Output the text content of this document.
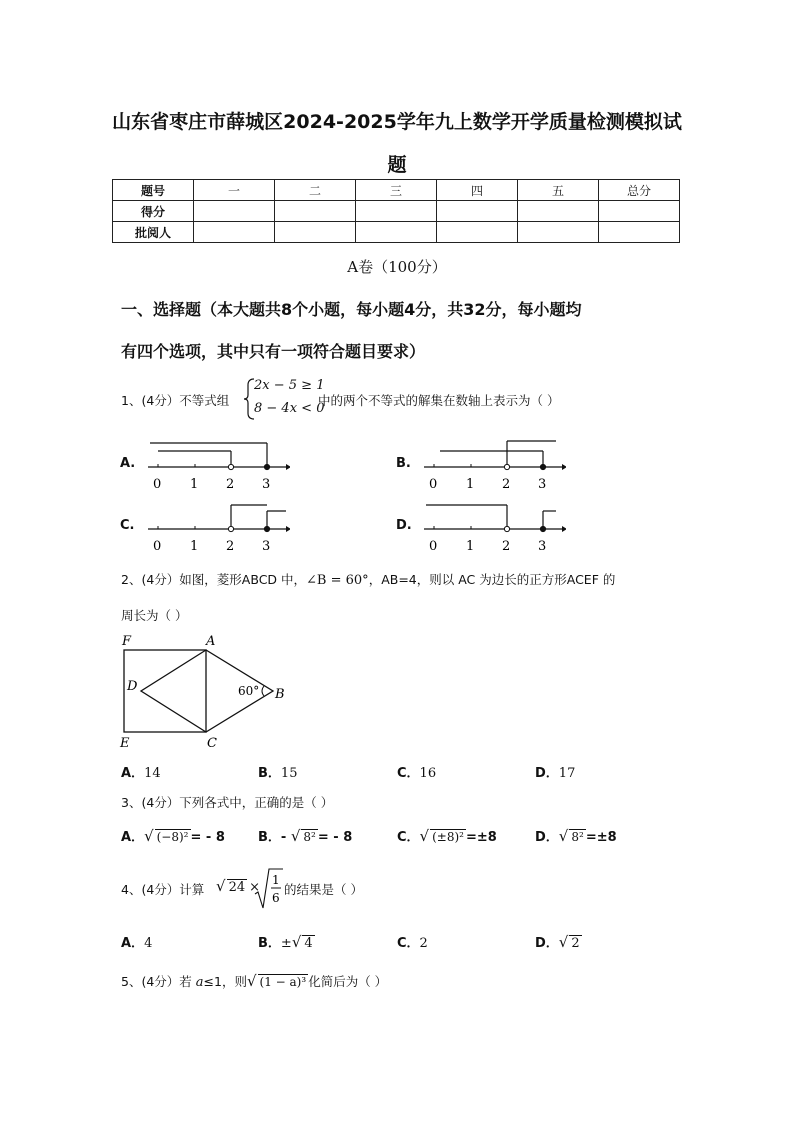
山东省枣庄市薛城区2024-2025学年九上数学开学质量检测模拟试
题
题号	一	二	三	四	五	总分
得分						
批阅人						
A卷（100分）
一、选择题（本大题共8个小题，每小题4分，共32分，每小题均
有四个选项，其中只有一项符合题目要求）
1、(4分）不等式组
2x − 5 ≥ 1
8 − 4x < 0
中的两个不等式的解集在数轴上表示为（ ）
A.	B.
C.	D.
0 1 2 3	0 1 2 3
0 1 2 3	0 1 2 3
2、(4分）如图，菱形ABCD 中，∠B = 60°，AB=4，则以 AC 为边长的正方形ACEF 的
周长为（ ）
F	A
D
B
E	C
60°
A．14	B．15	C．16	D．17
3、(4分）下列各式中，正确的是（ ）
A．√ (−8)² = - 8	B．- √ 8² = - 8	C．√ (±8)² =±8	D．√ 8² =±8
4、(4分）计算 √ 24 × 1
6
的结果是（ ）
A．4	B．±√ 4	C．2	D．√ 2
5、(4分）若 a≤1，则√ (1 − a)³ 化简后为（ ）
